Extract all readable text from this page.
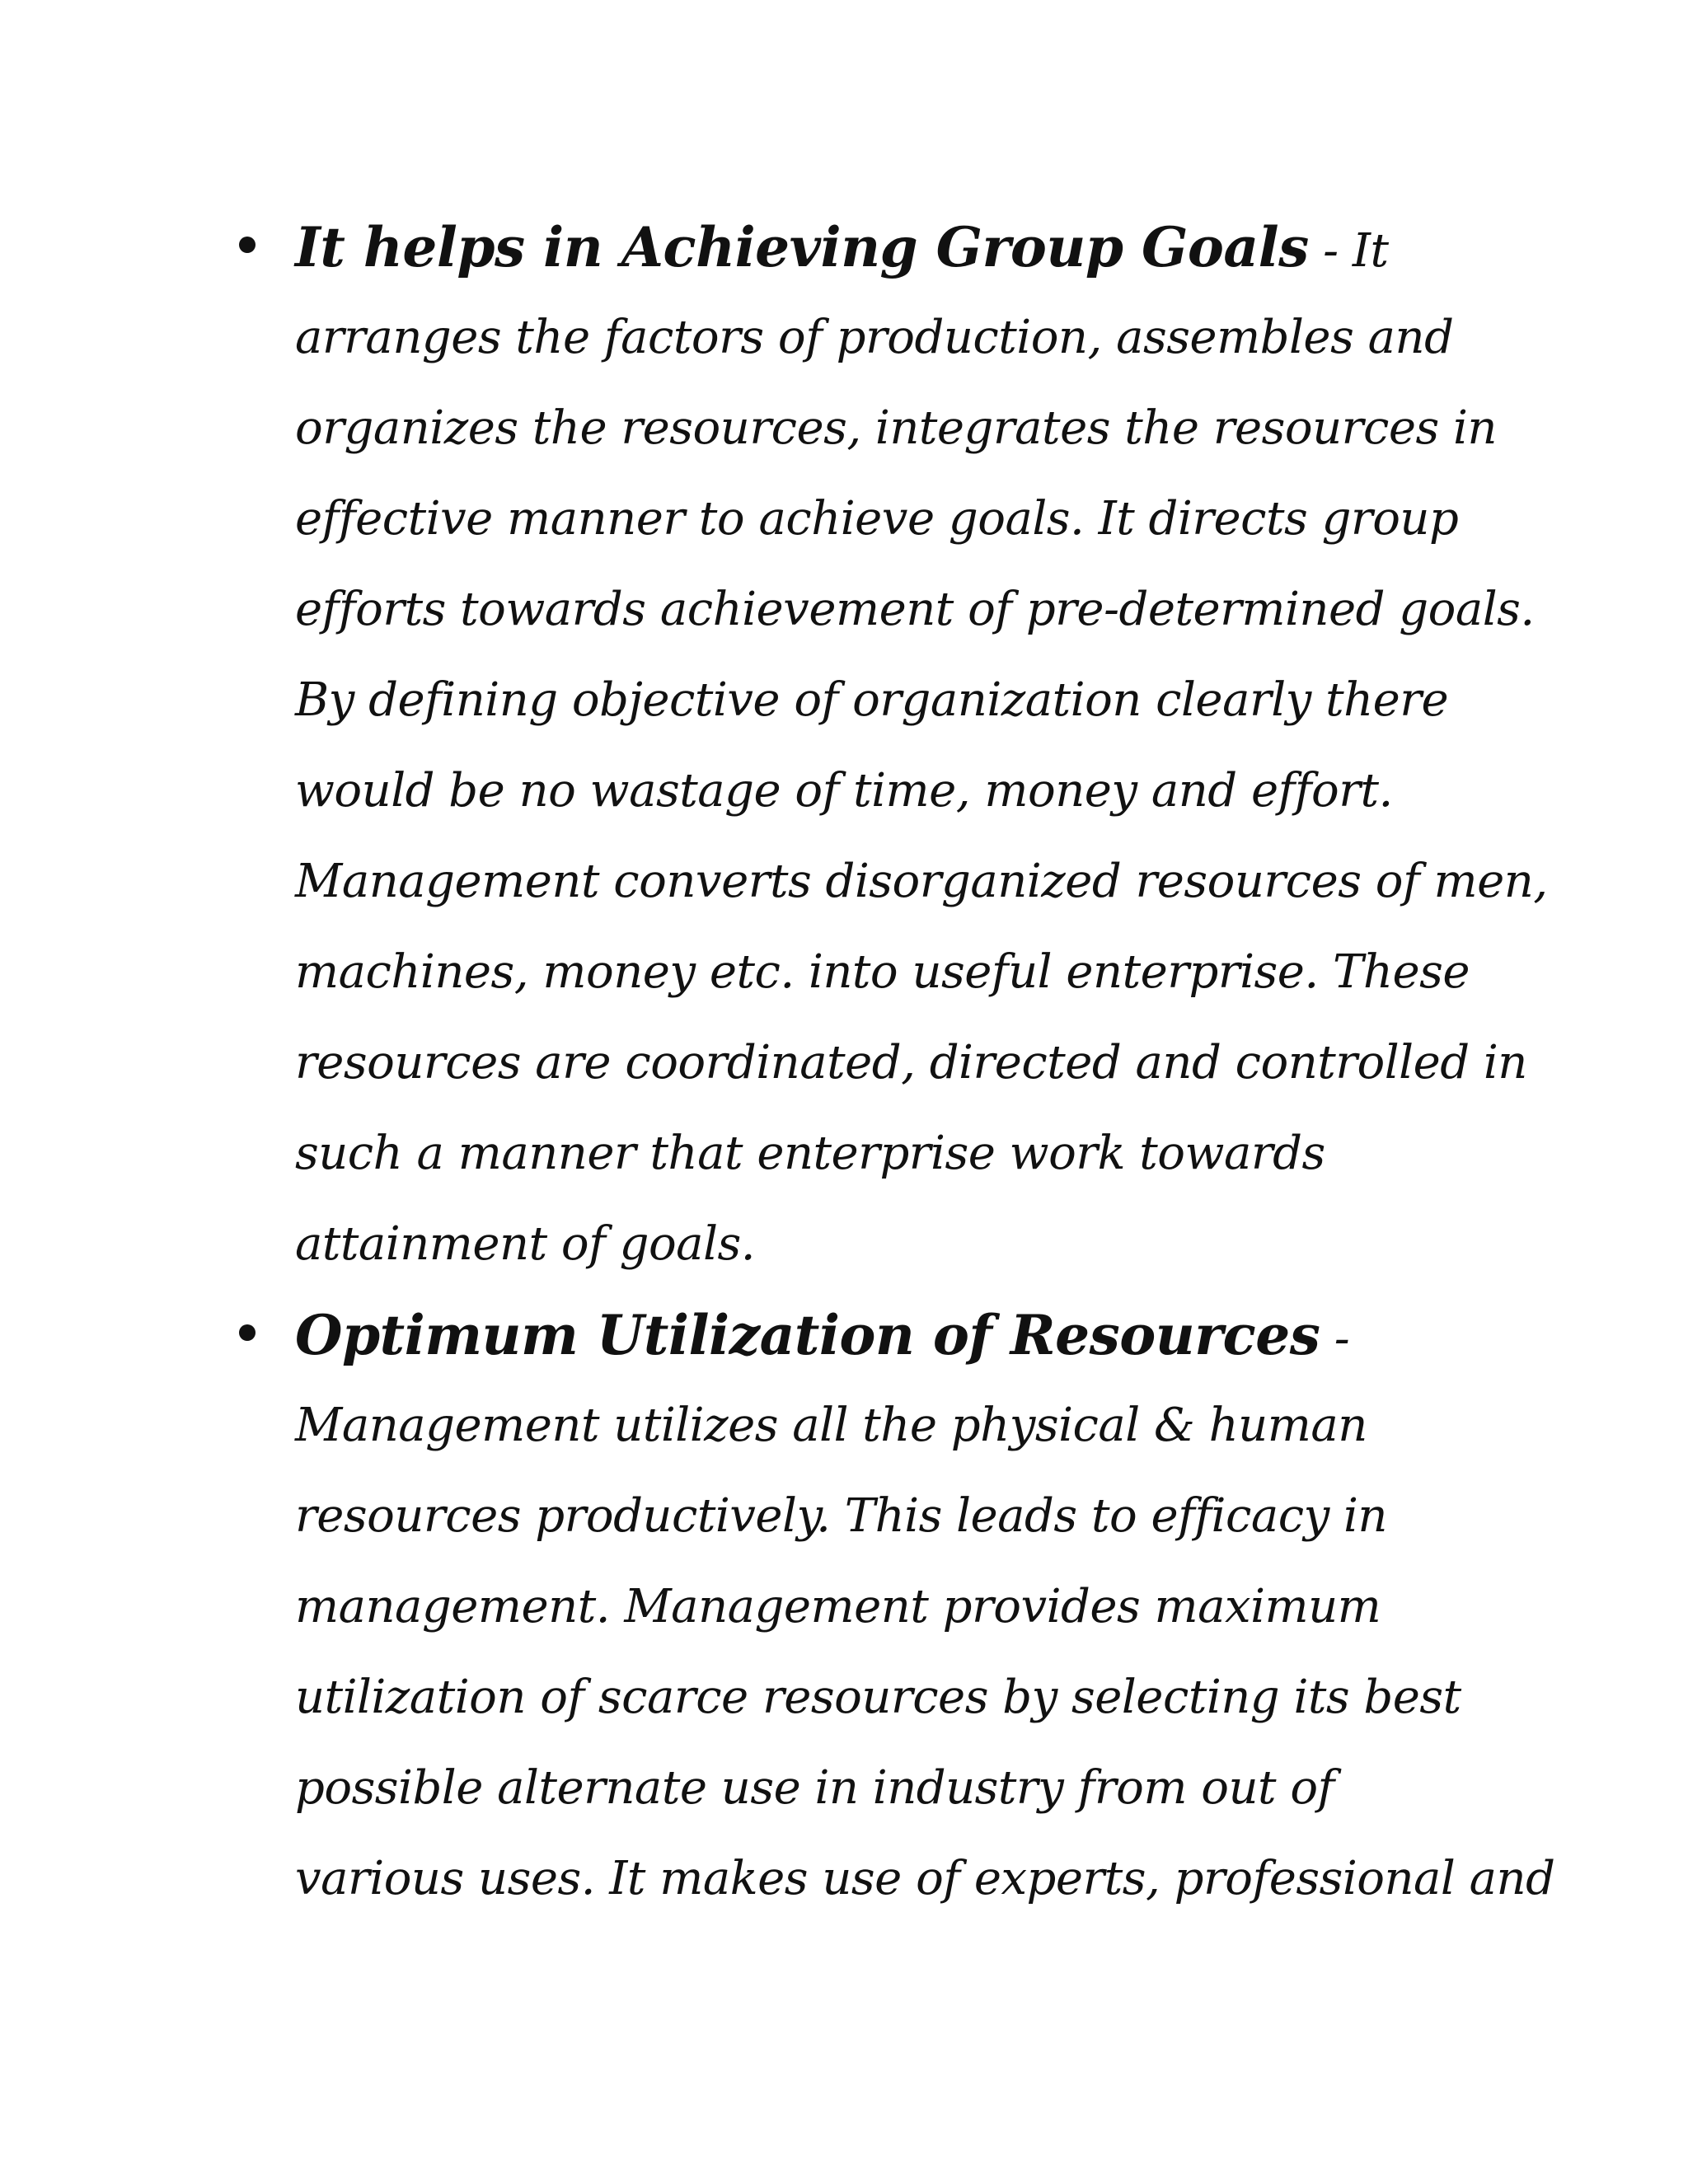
It helps in Achieving Group Goals - It
arranges the factors of production, assembles and
organizes the resources, integrates the resources in
effective manner to achieve goals. It directs group
efforts towards achievement of pre-determined goals.
By defining objective of organization clearly there
would be no wastage of time, money and effort.
Management converts disorganized resources of men,
machines, money etc. into useful enterprise. These
resources are coordinated, directed and controlled in
such a manner that enterprise work towards
attainment of goals.
Optimum Utilization of Resources -
Management utilizes all the physical & human
resources productively. This leads to efficacy in
management. Management provides maximum
utilization of scarce resources by selecting its best
possible alternate use in industry from out of
various uses. It makes use of experts, professional and
